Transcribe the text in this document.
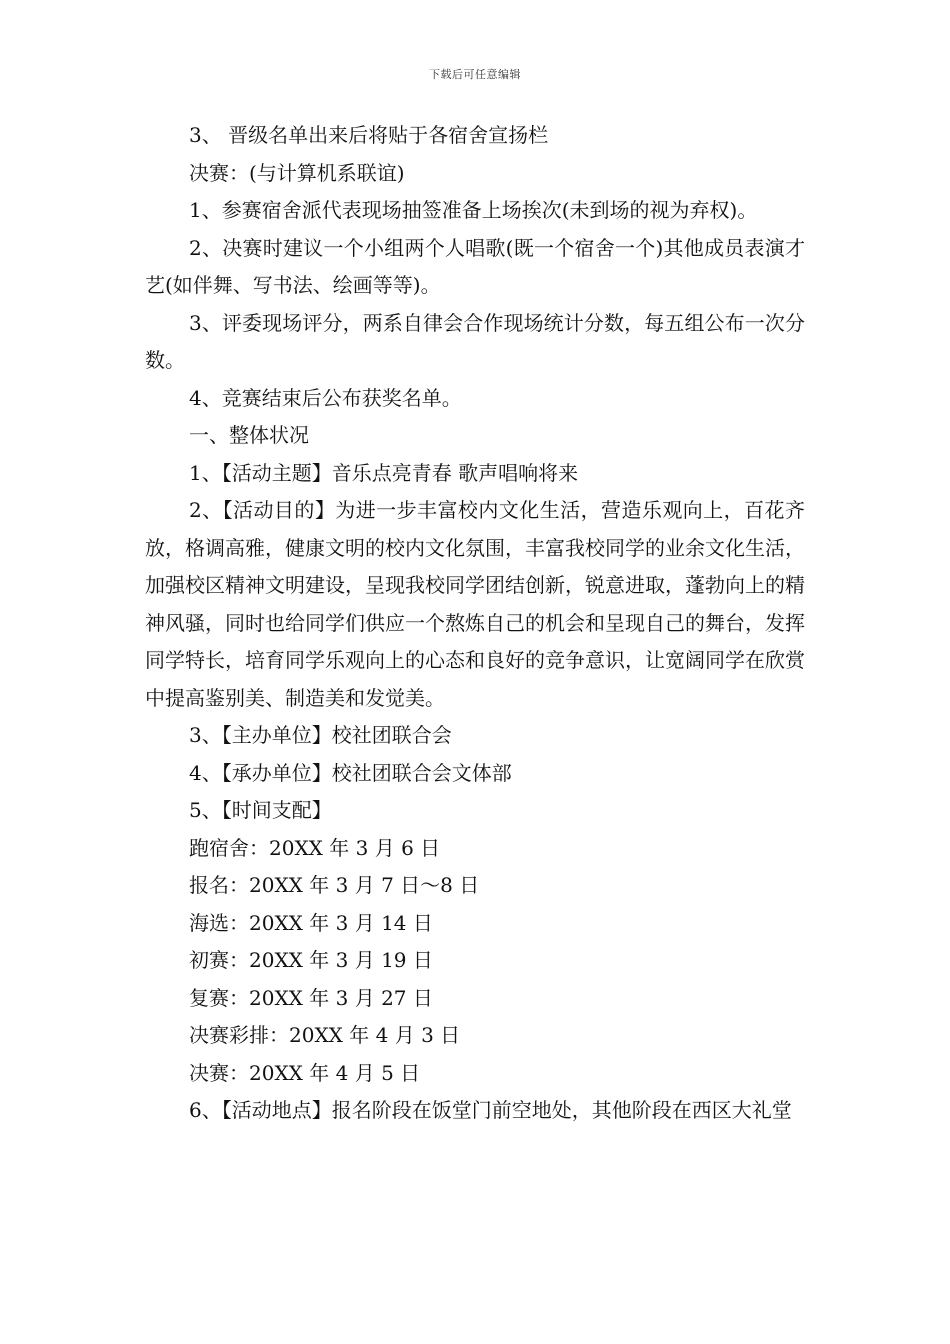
下载后可任意编辑

3、 晋级名单出来后将贴于各宿舍宣扬栏

决赛：(与计算机系联谊)

1、参赛宿舍派代表现场抽签准备上场挨次(未到场的视为弃权)。

2、决赛时建议一个小组两个人唱歌(既一个宿舍一个)其他成员表演才艺(如伴舞、写书法、绘画等等)。

3、评委现场评分，两系自律会合作现场统计分数，每五组公布一次分数。

4、竞赛结束后公布获奖名单。

一、整体状况

1、【活动主题】音乐点亮青春 歌声唱响将来

2、【活动目的】为进一步丰富校内文化生活，营造乐观向上，百花齐放，格调高雅，健康文明的校内文化氛围，丰富我校同学的业余文化生活，加强校区精神文明建设，呈现我校同学团结创新，锐意进取，蓬勃向上的精神风骚，同时也给同学们供应一个熬炼自己的机会和呈现自己的舞台，发挥同学特长，培育同学乐观向上的心态和良好的竞争意识，让宽阔同学在欣赏中提高鉴别美、制造美和发觉美。

3、【主办单位】校社团联合会

4、【承办单位】校社团联合会文体部

5、【时间支配】

跑宿舍：20XX 年 3 月 6 日

报名：20XX 年 3 月 7 日～8 日

海选：20XX 年 3 月 14 日

初赛：20XX 年 3 月 19 日

复赛：20XX 年 3 月 27 日

决赛彩排：20XX 年 4 月 3 日

决赛：20XX 年 4 月 5 日

6、【活动地点】报名阶段在饭堂门前空地处，其他阶段在西区大礼堂
